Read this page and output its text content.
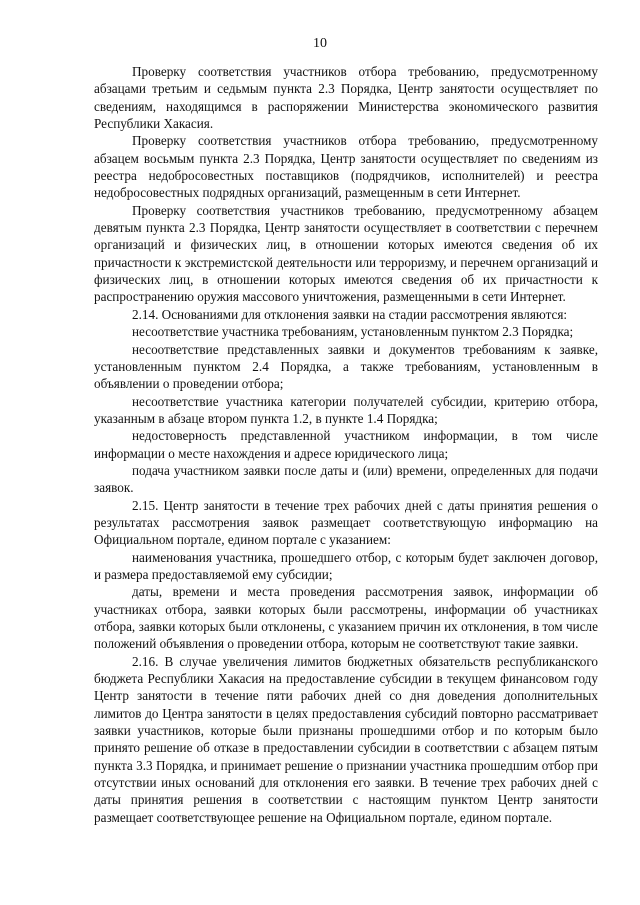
10

Проверку соответствия участников отбора требованию, предусмотренному абзацами третьим и седьмым пункта 2.3 Порядка, Центр занятости осуществляет по сведениям, находящимся в распоряжении Министерства экономического развития Республики Хакасия.

Проверку соответствия участников отбора требованию, предусмотренному абзацем восьмым пункта 2.3 Порядка, Центр занятости осуществляет по сведениям из реестра недобросовестных поставщиков (подрядчиков, исполнителей) и реестра недобросовестных подрядных организаций, размещенным в сети Интернет.

Проверку соответствия участников требованию, предусмотренному абзацем девятым пункта 2.3 Порядка, Центр занятости осуществляет в соответствии с перечнем организаций и физических лиц, в отношении которых имеются сведения об их причастности к экстремистской деятельности или терроризму, и перечнем организаций и физических лиц, в отношении которых имеются сведения об их причастности к распространению оружия массового уничтожения, размещенными в сети Интернет.

2.14. Основаниями для отклонения заявки на стадии рассмотрения являются:

несоответствие участника требованиям, установленным пунктом 2.3 Порядка;

несоответствие представленных заявки и документов требованиям к заявке, установленным пунктом 2.4 Порядка, а также требованиям, установленным в объявлении о проведении отбора;

несоответствие участника категории получателей субсидии, критерию отбора, указанным в абзаце втором пункта 1.2, в пункте 1.4 Порядка;

недостоверность представленной участником информации, в том числе информации о месте нахождения и адресе юридического лица;

подача участником заявки после даты и (или) времени, определенных для подачи заявок.

2.15. Центр занятости в течение трех рабочих дней с даты принятия решения о результатах рассмотрения заявок размещает соответствующую информацию на Официальном портале, едином портале с указанием:

наименования участника, прошедшего отбор, с которым будет заключен договор, и размера предоставляемой ему субсидии;

даты, времени и места проведения рассмотрения заявок, информации об участниках отбора, заявки которых были рассмотрены, информации об участниках отбора, заявки которых были отклонены, с указанием причин их отклонения, в том числе положений объявления о проведении отбора, которым не соответствуют такие заявки.

2.16. В случае увеличения лимитов бюджетных обязательств республиканского бюджета Республики Хакасия на предоставление субсидии в текущем финансовом году Центр занятости в течение пяти рабочих дней со дня доведения дополнительных лимитов до Центра занятости в целях предоставления субсидий повторно рассматривает заявки участников, которые были признаны прошедшими отбор и по которым было принято решение об отказе в предоставлении субсидии в соответствии с абзацем пятым пункта 3.3 Порядка, и принимает решение о признании участника прошедшим отбор при отсутствии иных оснований для отклонения его заявки. В течение трех рабочих дней с даты принятия решения в соответствии с настоящим пунктом Центр занятости размещает соответствующее решение на Официальном портале, едином портале.
